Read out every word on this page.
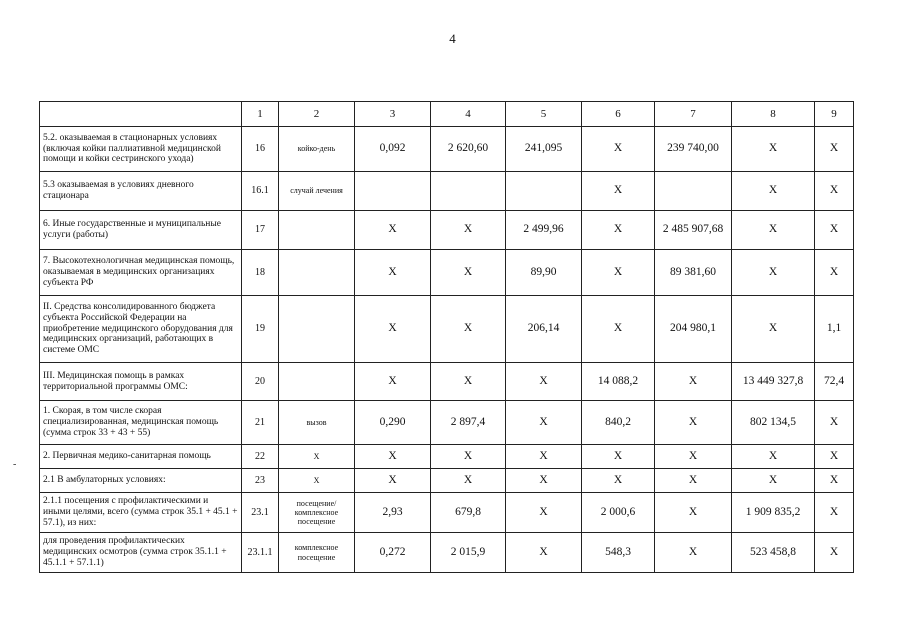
4
	1	2	3	4	5	6	7	8	9
5.2. оказываемая в стационарных условиях (включая койки паллиативной медицинской помощи и койки сестринского ухода)	16	койко-день	0,092	2 620,60	241,095	X	239 740,00	X	X
5.3 оказываемая в условиях дневного стационара	16.1	случай лечения				X		X	X
6. Иные государственные и муниципальные услуги (работы)	17		X	X	2 499,96	X	2 485 907,68	X	X
7. Высокотехнологичная медицинская помощь, оказываемая в медицинских организациях субъекта РФ	18		X	X	89,90	X	89 381,60	X	X
II. Средства консолидированного бюджета субъекта Российской Федерации на приобретение медицинского оборудования для медицинских организаций, работающих в системе ОМС	19		X	X	206,14	X	204 980,1	X	1,1
III. Медицинская помощь в рамках территориальной программы ОМС:	20		X	X	X	14 088,2	X	13 449 327,8	72,4
1. Скорая, в том числе скорая специализированная, медицинская помощь (сумма строк 33 + 43 + 55)	21	вызов	0,290	2 897,4	X	840,2	X	802 134,5	X
2. Первичная медико-санитарная помощь	22	X	X	X	X	X	X	X	X
2.1 В амбулаторных условиях:	23	X	X	X	X	X	X	X	X
2.1.1 посещения с профилактическими и иными целями, всего (сумма строк 35.1 + 45.1 + 57.1), из них:	23.1	посещение/ комплексное посещение	2,93	679,8	X	2 000,6	X	1 909 835,2	X
для проведения профилактических медицинских осмотров (сумма строк 35.1.1 + 45.1.1 + 57.1.1)	23.1.1	комплексное посещение	0,272	2 015,9	X	548,3	X	523 458,8	X
-
